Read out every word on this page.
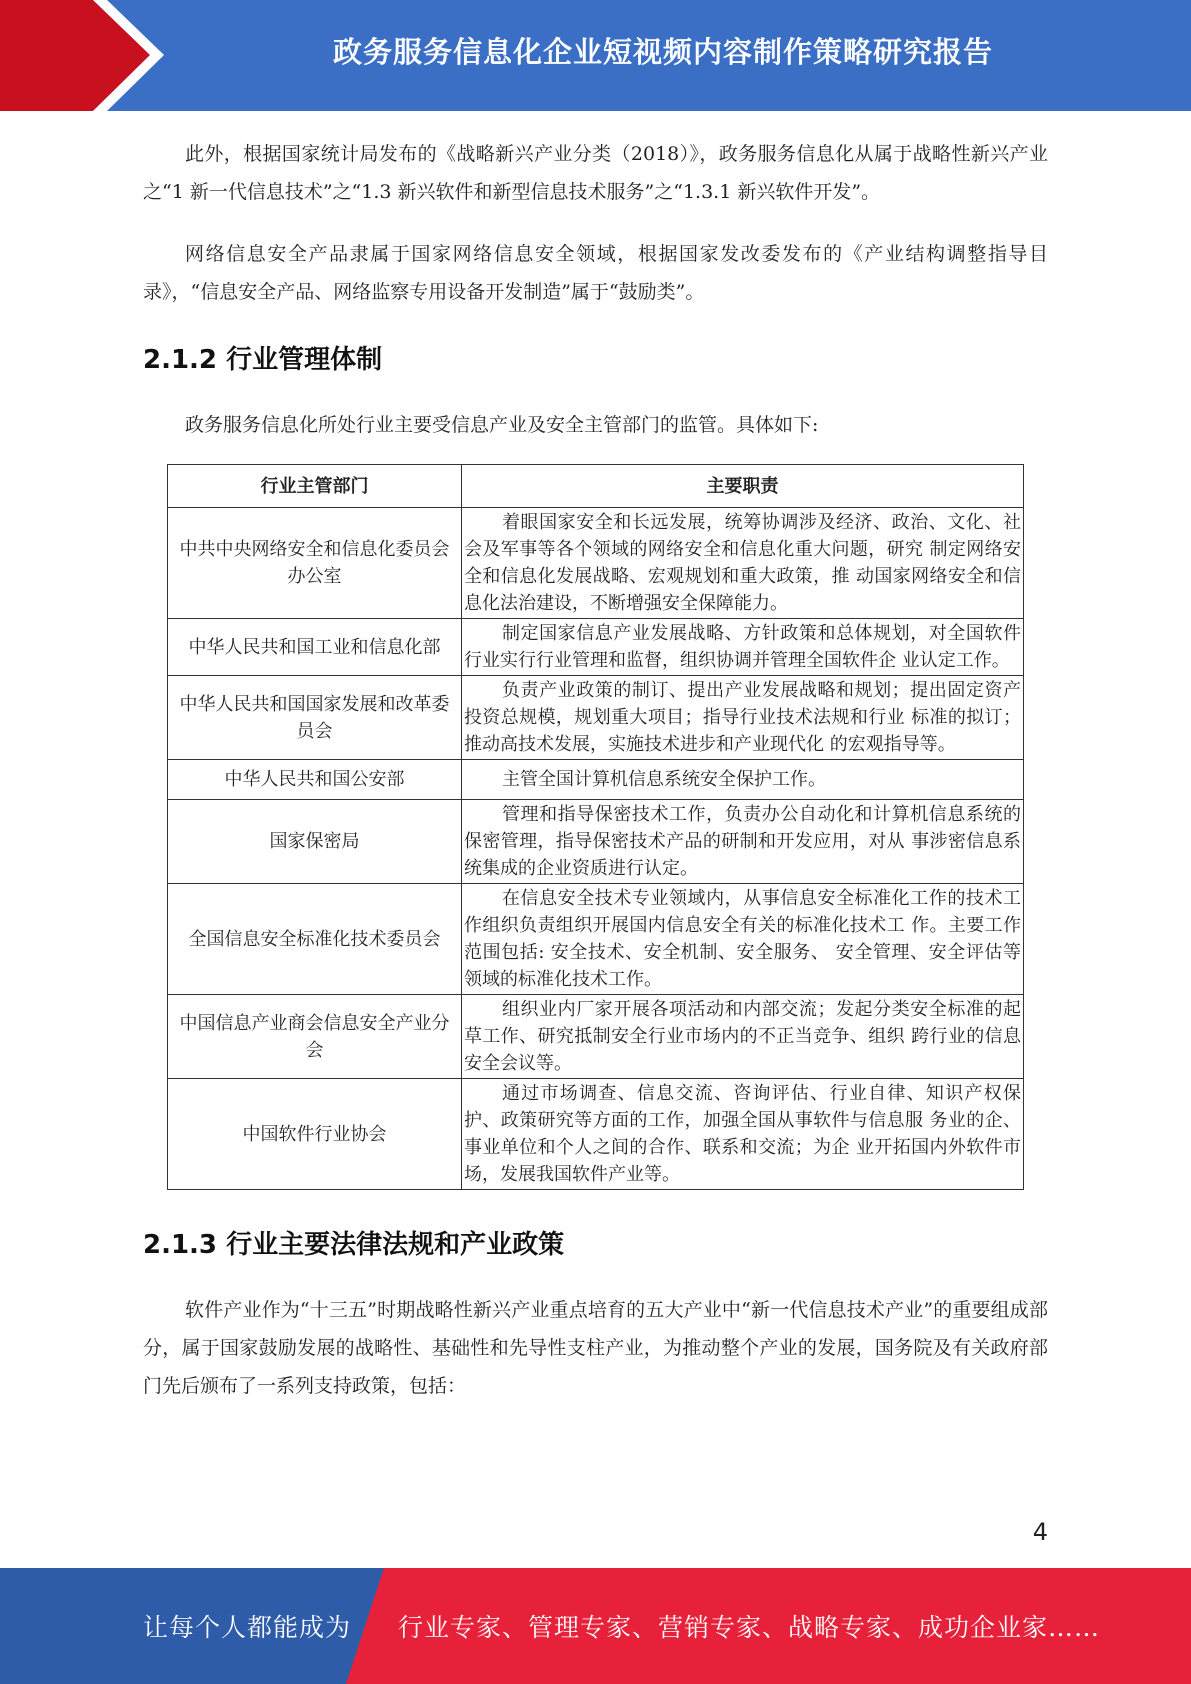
政务服务信息化企业短视频内容制作策略研究报告

此外，根据国家统计局发布的《战略新兴产业分类（2018）》，政务服务信息化从属于战略性新兴产业之“1 新一代信息技术”之“1.3 新兴软件和新型信息技术服务”之“1.3.1 新兴软件开发”。

网络信息安全产品隶属于国家网络信息安全领域，根据国家发改委发布的《产业结构调整指导目录》，“信息安全产品、网络监察专用设备开发制造”属于“鼓励类”。

2.1.2 行业管理体制

政务服务信息化所处行业主要受信息产业及安全主管部门的监管。具体如下:

行业主管部门	主要职责
中共中央网络安全和信息化委员会办公室	着眼国家安全和长远发展，统筹协调涉及经济、政治、文化、社会及军事等各个领域的网络安全和信息化重大问题，研究 制定网络安全和信息化发展战略、宏观规划和重大政策，推 动国家网络安全和信息化法治建设，不断增强安全保障能力。
中华人民共和国工业和信息化部	制定国家信息产业发展战略、方针政策和总体规划，对全国软件行业实行行业管理和监督，组织协调并管理全国软件企 业认定工作。
中华人民共和国国家发展和改革委员会	负责产业政策的制订、提出产业发展战略和规划；提出固定资产投资总规模，规划重大项目；指导行业技术法规和行业 标准的拟订；推动高技术发展，实施技术进步和产业现代化 的宏观指导等。
中华人民共和国公安部	主管全国计算机信息系统安全保护工作。
国家保密局	管理和指导保密技术工作，负责办公自动化和计算机信息系统的保密管理，指导保密技术产品的研制和开发应用，对从 事涉密信息系统集成的企业资质进行认定。
全国信息安全标准化技术委员会	在信息安全技术专业领域内，从事信息安全标准化工作的技术工作组织负责组织开展国内信息安全有关的标准化技术工 作。主要工作范围包括: 安全技术、安全机制、安全服务、 安全管理、安全评估等领域的标准化技术工作。
中国信息产业商会信息安全产业分会	组织业内厂家开展各项活动和内部交流；发起分类安全标准的起草工作、研究抵制安全行业市场内的不正当竞争、组织 跨行业的信息安全会议等。
中国软件行业协会	通过市场调查、信息交流、咨询评估、行业自律、知识产权保护、政策研究等方面的工作，加强全国从事软件与信息服 务业的企、事业单位和个人之间的合作、联系和交流；为企 业开拓国内外软件市场，发展我国软件产业等。
2.1.3 行业主要法律法规和产业政策

软件产业作为“十三五”时期战略性新兴产业重点培育的五大产业中“新一代信息技术产业”的重要组成部分，属于国家鼓励发展的战略性、基础性和先导性支柱产业，为推动整个产业的发展，国务院及有关政府部门先后颁布了一系列支持政策，包括：

4
让每个人都能成为 行业专家、管理专家、营销专家、战略专家、成功企业家……
